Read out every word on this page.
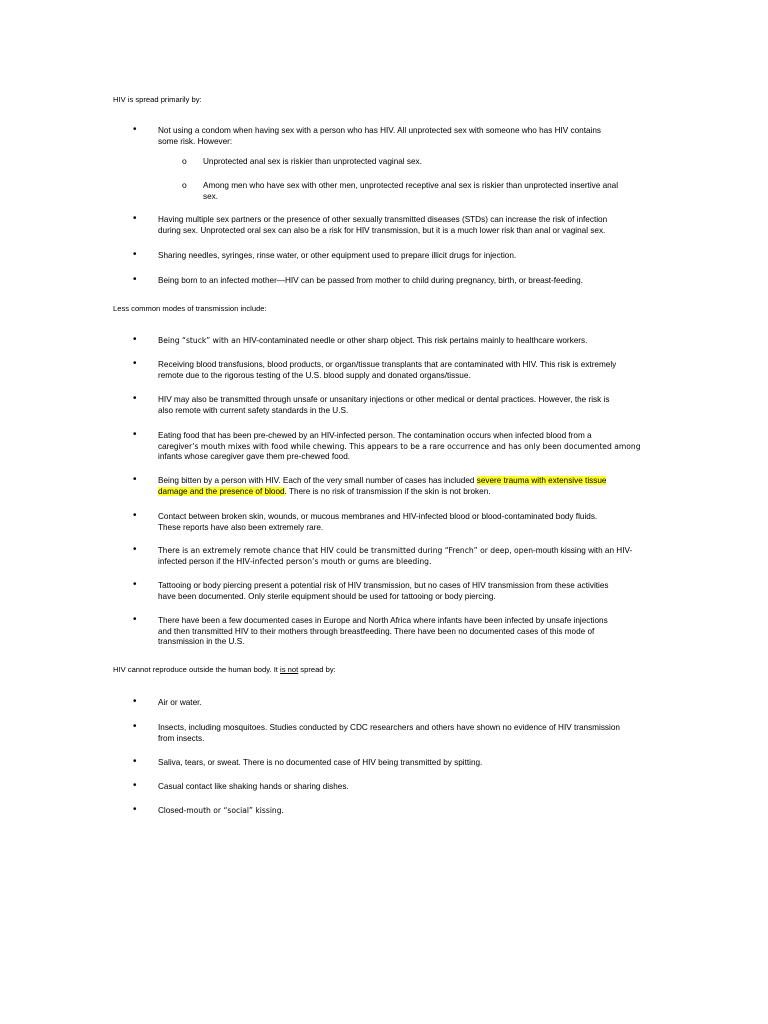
HIV is spread primarily by:
•	Not using a condom when having sex with a person who has HIV. All unprotected sex with someone who has HIV contains
some risk. However:
o Unprotected anal sex is riskier than unprotected vaginal sex.
o Among men who have sex with other men, unprotected receptive anal sex is riskier than unprotected insertive anal
sex.
•	Having multiple sex partners or the presence of other sexually transmitted diseases (STDs) can increase the risk of infection
during sex. Unprotected oral sex can also be a risk for HIV transmission, but it is a much lower risk than anal or vaginal sex.
•	Sharing needles, syringes, rinse water, or other equipment used to prepare illicit drugs for injection.
•	Being born to an infected mother—HIV can be passed from mother to child during pregnancy, birth, or breast-feeding.
Less common modes of transmission include:
•	Being “stuck” with an HIV-contaminated needle or other sharp object. This risk pertains mainly to healthcare workers.
•	Receiving blood transfusions, blood products, or organ/tissue transplants that are contaminated with HIV. This risk is extremely
remote due to the rigorous testing of the U.S. blood supply and donated organs/tissue.
•	HIV may also be transmitted through unsafe or unsanitary injections or other medical or dental practices. However, the risk is
also remote with current safety standards in the U.S.
•	Eating food that has been pre-chewed by an HIV-infected person. The contamination occurs when infected blood from a
caregiver’s mouth mixes with food while chewing. This appears to be a rare occurrence and has only been documented among
infants whose caregiver gave them pre-chewed food.
•	Being bitten by a person with HIV. Each of the very small number of cases has included severe trauma with extensive tissue
damage and the presence of blood. There is no risk of transmission if the skin is not broken.
•	Contact between broken skin, wounds, or mucous membranes and HIV-infected blood or blood-contaminated body fluids.
These reports have also been extremely rare.
•	There is an extremely remote chance that HIV could be transmitted during “French” or deep, open-mouth kissing with an HIV-
infected person if the HIV-infected person’s mouth or gums are bleeding.
•	Tattooing or body piercing present a potential risk of HIV transmission, but no cases of HIV transmission from these activities
have been documented. Only sterile equipment should be used for tattooing or body piercing.
•	There have been a few documented cases in Europe and North Africa where infants have been infected by unsafe injections
and then transmitted HIV to their mothers through breastfeeding. There have been no documented cases of this mode of
transmission in the U.S.
HIV cannot reproduce outside the human body. It is not spread by:
•	Air or water.
•	Insects, including mosquitoes. Studies conducted by CDC researchers and others have shown no evidence of HIV transmission
from insects.
•	Saliva, tears, or sweat. There is no documented case of HIV being transmitted by spitting.
•	Casual contact like shaking hands or sharing dishes.
•	Closed-mouth or “social” kissing.
